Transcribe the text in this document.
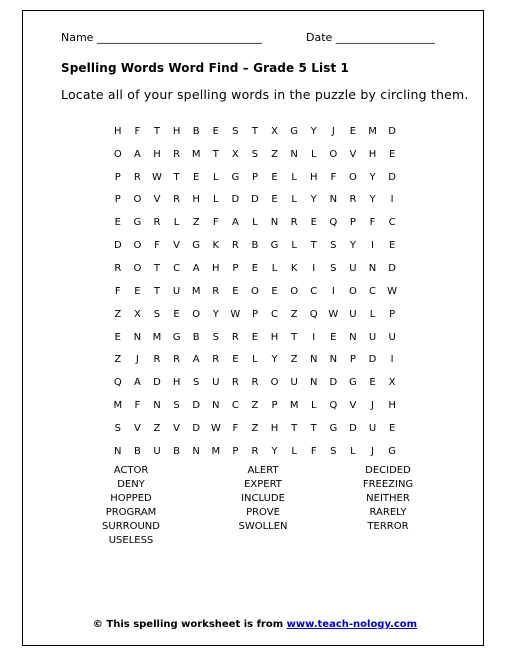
Name ______________________________	Date __________________
Spelling Words Word Find – Grade 5 List 1
Locate all of your spelling words in the puzzle by circling them.
H	F	T	H	B	E	S	T	X	G	Y	J	E	M	D
O	A	H	R	M	T	X	S	Z	N	L	O	V	H	E
P	R	W	T	E	L	G	P	E	L	H	F	O	Y	D
P	O	V	R	H	L	D	D	E	L	Y	N	R	Y	I
E	G	R	L	Z	F	A	L	N	R	E	Q	P	F	C
D	O	F	V	G	K	R	B	G	L	T	S	Y	I	E
R	O	T	C	A	H	P	E	L	K	I	S	U	N	D
F	E	T	U	M	R	E	O	E	O	C	I	O	C	W
Z	X	S	E	O	Y	W	P	C	Z	Q	W	U	L	P
E	N	M	G	B	S	R	E	H	T	I	E	N	U	U
Z	J	R	R	A	R	E	L	Y	Z	N	N	P	D	I
Q	A	D	H	S	U	R	R	O	U	N	D	G	E	X
M	F	N	S	D	N	C	Z	P	M	L	Q	V	J	H
S	V	Z	V	D	W	F	Z	H	T	T	G	D	U	E
N	B	U	B	N	M	P	R	Y	L	F	S	L	J	G
ACTOR
DENY
HOPPED
PROGRAM
SURROUND
USELESS
ALERT
EXPERT
INCLUDE
PROVE
SWOLLEN
DECIDED
FREEZING
NEITHER
RARELY
TERROR
© This spelling worksheet is from www.teach-nology.com
